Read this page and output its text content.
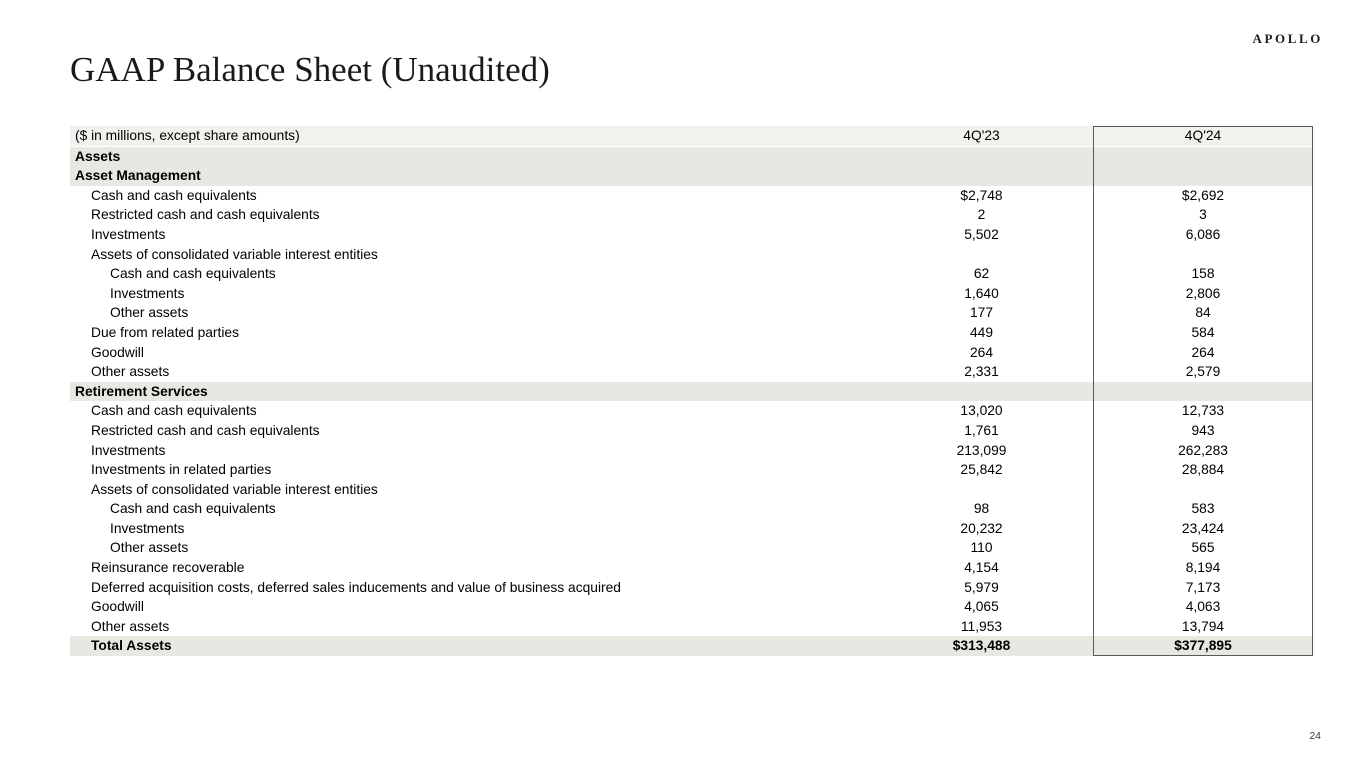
APOLLO
GAAP Balance Sheet (Unaudited)
($ in millions, except share amounts)	4Q'23	4Q'24
Assets
Asset Management
Cash and cash equivalents	$2,748	$2,692
Restricted cash and cash equivalents	2	3
Investments	5,502	6,086
Assets of consolidated variable interest entities
Cash and cash equivalents	62	158
Investments	1,640	2,806
Other assets	177	84
Due from related parties	449	584
Goodwill	264	264
Other assets	2,331	2,579
Retirement Services
Cash and cash equivalents	13,020	12,733
Restricted cash and cash equivalents	1,761	943
Investments	213,099	262,283
Investments in related parties	25,842	28,884
Assets of consolidated variable interest entities
Cash and cash equivalents	98	583
Investments	20,232	23,424
Other assets	110	565
Reinsurance recoverable	4,154	8,194
Deferred acquisition costs, deferred sales inducements and value of business acquired	5,979	7,173
Goodwill	4,065	4,063
Other assets	11,953	13,794
Total Assets	$313,488	$377,895
24
